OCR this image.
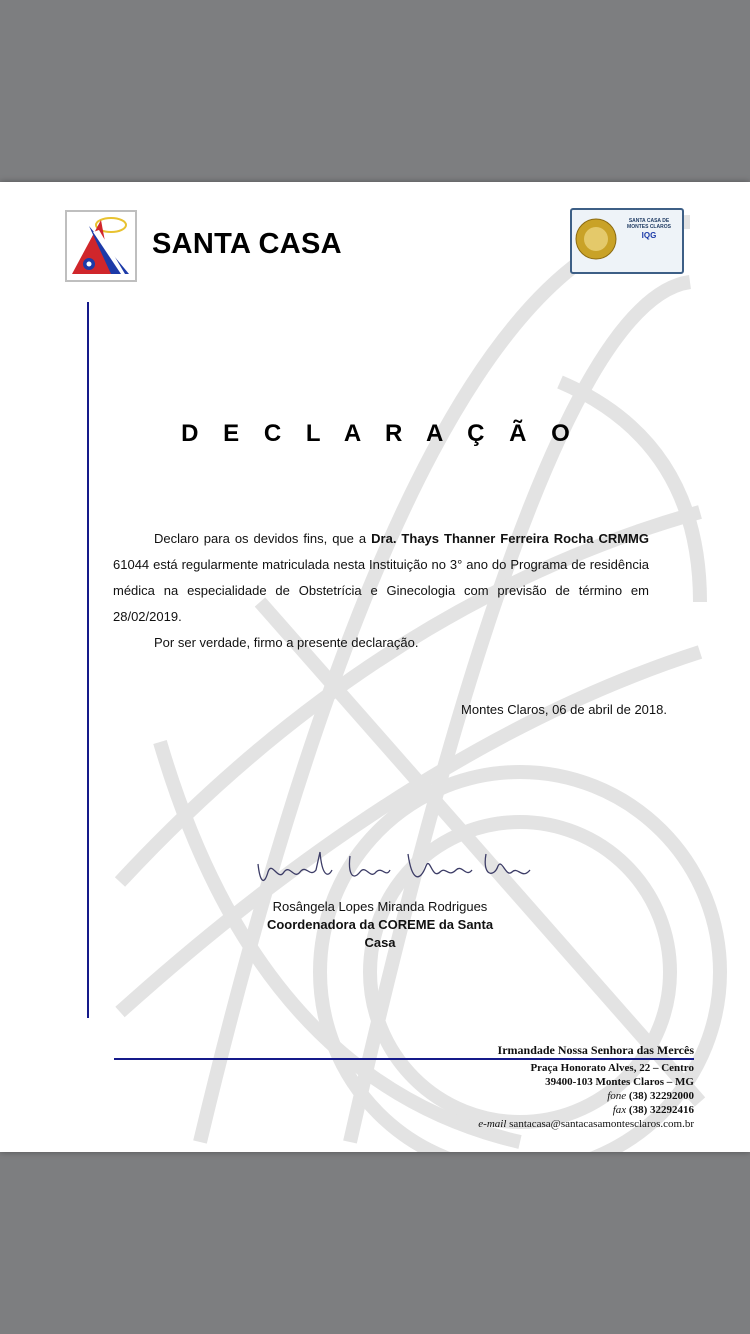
SANTA CASA
SANTA CASA DE MONTES CLAROS
IQG
D E C L A R A Ç Ã O

Declaro para os devidos fins, que a Dra. Thays Thanner Ferreira Rocha CRMMG 61044 está regularmente matriculada nesta Instituição no 3° ano do Programa de residência médica na especialidade de Obstetrícia e Ginecologia com previsão de término em 28/02/2019.

Por ser verdade, firmo a presente declaração.

Montes Claros, 06 de abril de 2018.
Rosângela Lopes Miranda Rodrigues
Coordenadora da COREME da Santa Casa
Irmandade Nossa Senhora das Mercês
Praça Honorato Alves, 22 – Centro
39400-103 Montes Claros – MG
fone (38) 32292000
fax (38) 32292416
e-mail santacasa@santacasamontesclaros.com.br
